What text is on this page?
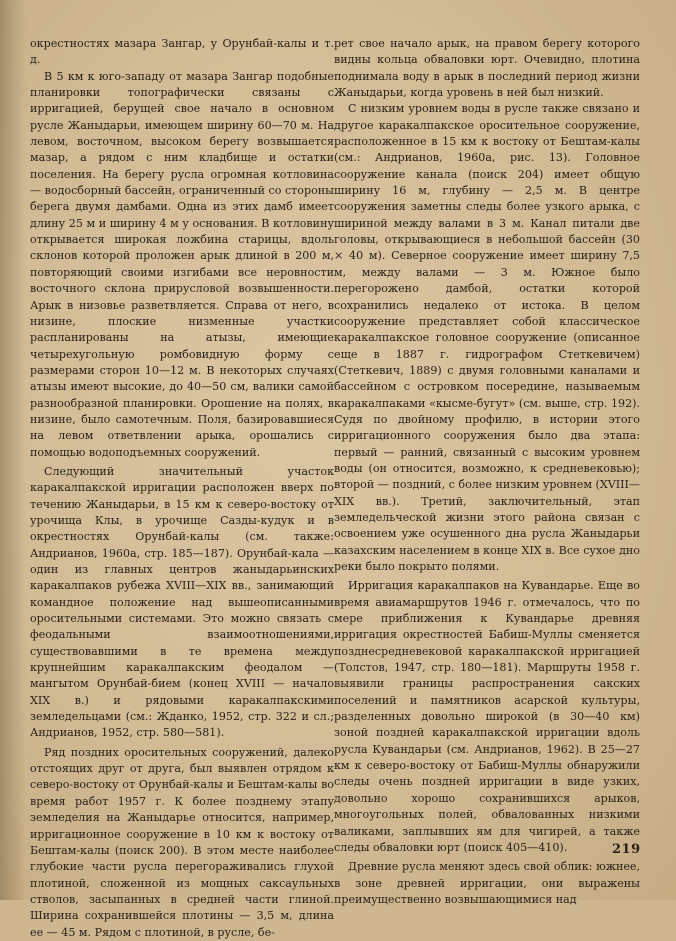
окрестностях мазара Зангар, у Орунбай-калы и т. д.

В 5 км к юго-западу от мазара Зангар подобные планировки топографически связаны с ирригацией, берущей свое начало в основном русле Жаныдарьи, имеющем ширину 60—70 м. На левом, восточном, высоком берегу возвышается мазар, а рядом с ним кладбище и остатки поселения. На берегу русла огромная котловина — водосборный бассейн, ограниченный со стороны берега двумя дамбами. Одна из этих дамб имеет длину 25 м и ширину 4 м у основания. В котловину открывается широкая ложбина старицы, вдоль склонов которой проложен арык длиной в 200 м, повторяющий своими изгибами все неровности восточного склона прирусловой возвышенности. Арык в низовье разветвляется. Справа от него, в низине, плоские низменные участки распланированы на атызы, имеющие четырехугольную ромбовидную форму с размерами сторон 10—12 м. В некоторых случаях атызы имеют высокие, до 40—50 см, валики самой разнообразной планировки. Орошение на полях, в низине, было самотечным. Поля, базировавшиеся на левом ответвлении арыка, орошались с помощью водоподъемных сооружений.

Следующий значительный участок каракалпакской ирригации расположен вверх по течению Жаныдарьи, в 15 км к северо-востоку от урочища Клы, в урочище Сазды-кудук и в окрестностях Орунбай-калы (см. также: Андрианов, 1960а, стр. 185—187). Орунбай-кала — один из главных центров жаныдарьинских каракалпаков рубежа XVIII—XIX вв., занимающий командное положение над вышеописанными оросительными системами. Это можно связать с феодальными взаимоотношениями, существовавшими в те времена между крупнейшим каракалпакским феодалом — мангытом Орунбай-бием (конец XVIII — начало XIX в.) и рядовыми каракалпакскими земледельцами (см.: Жданко, 1952, стр. 322 и сл.; Андрианов, 1952, стр. 580—581).

Ряд поздних оросительных сооружений, далеко отстоящих друг от друга, был выявлен отрядом к северо-востоку от Орунбай-калы и Бештам-калы во время работ 1957 г. К более позднему этапу земледелия на Жаныдарье относится, например, ирригационное сооружение в 10 км к востоку от Бештам-калы (поиск 200). В этом месте наиболее глубокие части русла перегораживались глухой плотиной, сложенной из мощных саксаульных стволов, засыпанных в средней части глиной. Ширина сохранившейся плотины — 3,5 м, длина ее — 45 м. Рядом с плотиной, в русле, бе-

рет свое начало арык, на правом берегу которого видны кольца обваловки юрт. Очевидно, плотина поднимала воду в арык в последний период жизни Жаныдарьи, когда уровень в ней был низкий.

С низким уровнем воды в русле также связано и другое каракалпакское оросительное сооружение, расположенное в 15 км к востоку от Бештам-калы (см.: Андрианов, 1960а, рис. 13). Головное сооружение канала (поиск 204) имеет общую ширину 16 м, глубину — 2,5 м. В центре сооружения заметны следы более узкого арыка, с шириной между валами в 3 м. Канал питали две головы, открывающиеся в небольшой бассейн (30 × 40 м). Северное сооружение имеет ширину 7,5 м, между валами — 3 м. Южное было перегорожено дамбой, остатки которой сохранились недалеко от истока. В целом сооружение представляет собой классическое каракалпакское головное сооружение (описанное еще в 1887 г. гидрографом Стеткевичем) (Стеткевич, 1889) с двумя головными каналами и бассейном с островком посередине, называемым каракалпаками «кысме-бугут» (см. выше, стр. 192). Судя по двойному профилю, в истории этого ирригационного сооружения было два этапа: первый — ранний, связанный с высоким уровнем воды (он относится, возможно, к средневековью); второй — поздний, с более низким уровнем (XVIII—XIX вв.). Третий, заключительный, этап земледельческой жизни этого района связан с освоением уже осушенного дна русла Жаныдарьи казахским населением в конце XIX в. Все сухое дно реки было покрыто полями.

Ирригация каракалпаков на Кувандарье. Еще во время авиамаршрутов 1946 г. отмечалось, что по мере приближения к Кувандарье древняя ирригация окрестностей Бабиш-Муллы сменяется позднесредневековой каракалпакской ирригацией (Толстов, 1947, стр. 180—181). Маршруты 1958 г. выявили границы распространения сакских поселений и памятников асарской культуры, разделенных довольно широкой (в 30—40 км) зоной поздней каракалпакской ирригации вдоль русла Кувандарьи (см. Андрианов, 1962). В 25—27 км к северо-востоку от Бабиш-Муллы обнаружили следы очень поздней ирригации в виде узких, довольно хорошо сохранившихся арыков, многоугольных полей, обвалованных низкими валиками, заплывших ям для чигирей, а также следы обваловки юрт (поиск 405—410).

Древние русла меняют здесь свой облик: южнее, в зоне древней ирригации, они выражены преимущественно возвышающимися над

219
